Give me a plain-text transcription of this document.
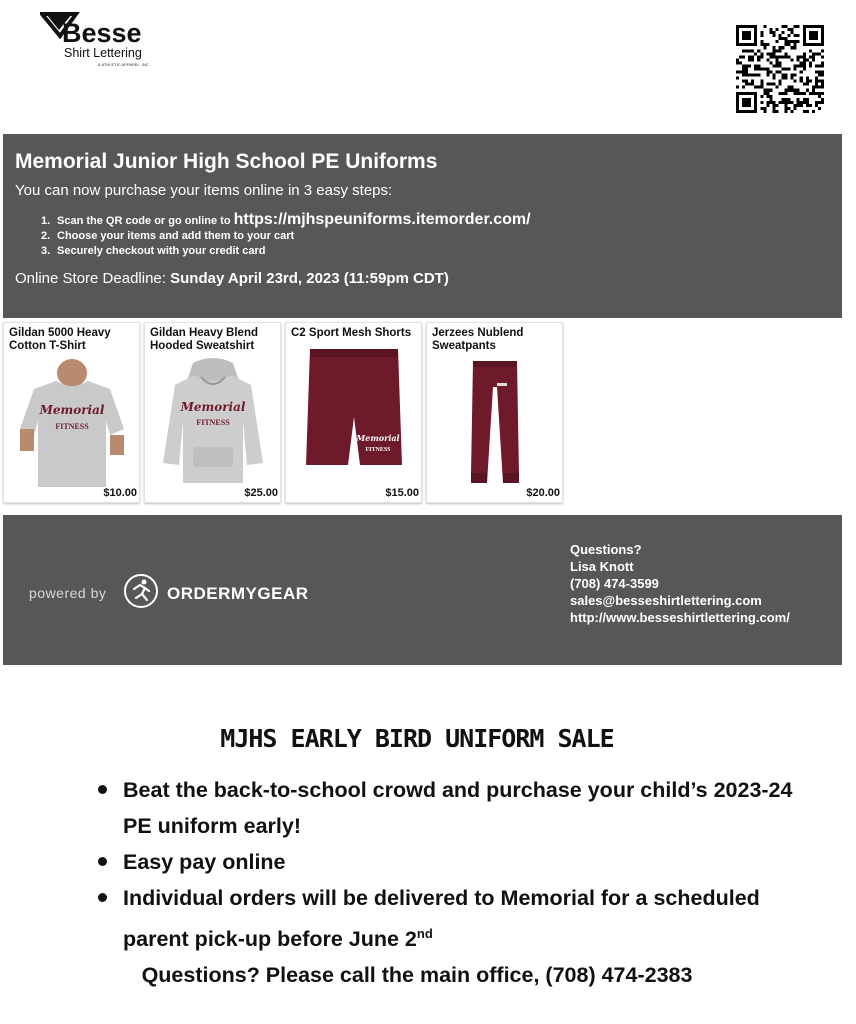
Besse
Shirt Lettering
& ATHLETIC APPAREL, INC.
Memorial Junior High School PE Uniforms
You can now purchase your items online in 3 easy steps:
1. Scan the QR code or go online to https://mjhspeuniforms.itemorder.com/
2. Choose your items and add them to your cart
3. Securely checkout with your credit card
Online Store Deadline: Sunday April 23rd, 2023 (11:59pm CDT)
Gildan 5000 Heavy Cotton T-Shirt
Memorial
FITNESS
$10.00
Gildan Heavy Blend Hooded Sweatshirt
Memorial
FITNESS
$25.00
C2 Sport Mesh Shorts
Memorial
FITNESS
$15.00
Jerzees Nublend Sweatpants
$20.00
powered by	ORDERMYGEAR
Questions?
Lisa Knott
(708) 474-3599
sales@besseshirtlettering.com
http://www.besseshirtlettering.com/
MJHS EARLY BIRD UNIFORM SALE
Beat the back-to-school crowd and purchase your child’s 2023-24 PE uniform early!
Easy pay online
Individual orders will be delivered to Memorial for a scheduled parent pick-up before June 2nd
Questions? Please call the main office, (708) 474-2383
